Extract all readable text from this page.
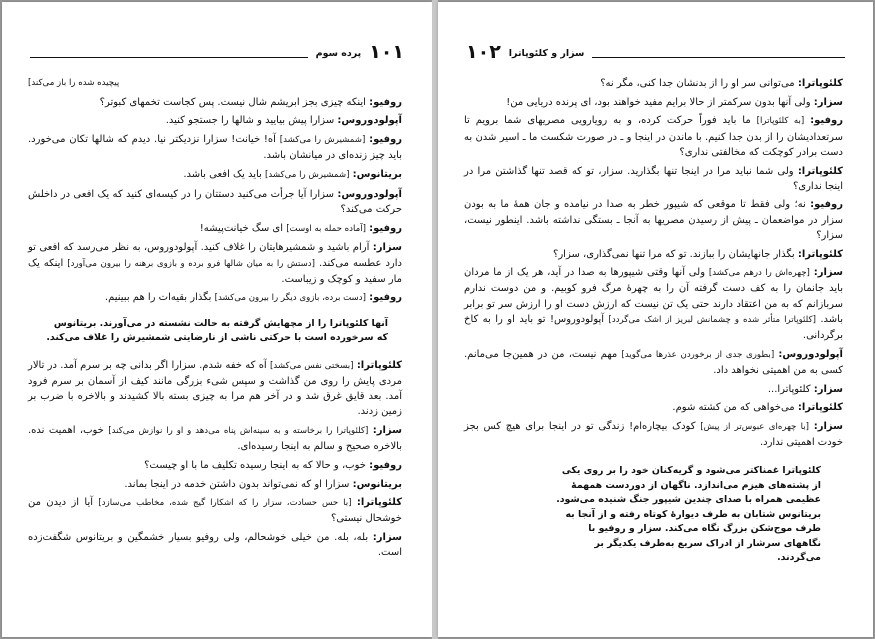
۱۰۱
پرده سوم

پیچیده شده را باز می‌کند]

روفیو: اینکه چیزی بجز ابریشم شال نیست. پس کجاست تخمهای کبوتر؟

آپولودوروس: سزارا پیش بیایید و شالها را جستجو کنید.

روفیو: [شمشیرش را می‌کشد] آه! خیانت! سزارا نزدیکتر نیا. دیدم که شالها تکان می‌خورد. باید چیز زنده‌ای در میانشان باشد.

بریتانوس: [شمشیرش را می‌کشد] باید یک افعی باشد.

آپولودوروس: سزارا آیا جرأت می‌کنید دستتان را در کیسه‌ای کنید که یک افعی در داخلش حرکت می‌کند؟

روفیو: [آماده حمله به اوست] ای سگ خیانت‌پیشه!

سزار: آرام باشید و شمشیرهایتان را غلاف کنید. آپولودوروس، به نظر می‌رسد که افعی تو دارد عطسه می‌کند. [دستش را به میان شالها فرو برده و بازوی برهنه را بیرون می‌آورد] اینکه یک مار سفید و کوچک و زیباست.

روفیو: [دست برده، بازوی دیگر را بیرون می‌کشد] بگذار بقیه‌ات را هم ببینیم.

آنها کلئوپاترا را از مچهایش گرفته به حالت نشسته در می‌آورند. بریتانوس که سرخورده است با حرکتی ناشی از نارضایتی شمشیرش را غلاف می‌کند.

کلئوپاترا: [بسختی نفس می‌کشد] آه که خفه شدم. سزارا اگر بدانی چه بر سرم آمد. در تالار مردی پایش را روی من گذاشت و سپس شیء بزرگی مانند کیف از آسمان بر سرم فرود آمد. بعد قایق غرق شد و در آخر هم مرا به چیزی بسته بالا کشیدند و بالاخره با ضرب بر زمین زدند.

سزار: [کلئوپاترا را برخاسته و به سینه‌اش پناه می‌دهد و او را نوازش می‌کند] خوب، اهمیت نده. بالاخره صحیح و سالم به اینجا رسیده‌ای.

روفیو: خوب، و حالا که به اینجا رسیده تکلیف ما با او چیست؟

بریتانوس: سزارا او که نمی‌تواند بدون داشتن خدمه در اینجا بماند.

کلئوپاترا: [با حس حسادت، سزار را که اشکارا گیج شده، مخاطب می‌سازد] آیا از دیدن من خوشحال نیستی؟

سزار: بله، بله. من خیلی خوشحالم، ولی روفیو بسیار خشمگین و بریتانوس شگفت‌زده است.

۱۰۲ سزار و کلئوپاترا

کلئوپاترا: می‌توانی سر او را از بدنشان جدا کنی، مگر نه؟

سزار: ولی آنها بدون سرکمتر از حالا برایم مفید خواهند بود، ای پرنده دریایی من!

روفیو: [به کلئوپاترا] ما باید فوراً حرکت کرده، و به رویارویی مصریهای شما برویم تا سرتعدادیشان را از بدن جدا کنیم. با ماندن در اینجا و ـ در صورت شکست ما ـ اسیر شدن به دست برادر کوچکت که مخالفتی نداری؟

کلئوپاترا: ولی شما نباید مرا در اینجا تنها بگذارید. سزار، تو که قصد تنها گذاشتن مرا در اینجا نداری؟

روفیو: نه؛ ولی فقط تا موقعی که شیپور خطر به صدا در نیامده و جان همهٔ ما به بودن سزار در مواضعمان ـ پیش از رسیدن مصریها به آنجا ـ بستگی نداشته باشد. اینطور نیست، سزار؟

کلئوپاترا: بگذار جانهایشان را ببازند. تو که مرا تنها نمی‌گذاری، سزار؟

سزار: [چهره‌اش را درهم می‌کشد] ولی آنها وقتی شیپورها به صدا در آید، هر یک از ما مردان باید جانمان را به کف دست گرفته آن را به چهرهٔ مرگ فرو کوبیم. و من دوست ندارم سربازانم که به من اعتقاد دارند حتی یک تن نیست که ارزش دست او را ارزش سر تو برابر باشد. [کلئوپاترا متأثر شده و چشمانش لبریز از اشک می‌گردد] آپولودوروس! تو باید او را به کاخ برگردانی.

آپولودوروس: [بطوری جدی از برخوردن عذرها می‌گوید] مهم نیست، من در همین‌جا می‌مانم. کسی به من اهمیتی نخواهد داد.

سزار: کلئوپاترا...

کلئوپاترا: می‌خواهی که من کشته شوم.

سزار: [با چهره‌ای عبوس‌تر از پیش] کودک بیچاره‌ام! زندگی تو در اینجا برای هیچ کس بجز خودت اهمیتی ندارد.

کلئوپاترا غمناکتر می‌شود و گریه‌کنان خود را بر روی یکی از پشته‌های هیزم می‌اندازد. ناگهان از دوردست همهمهٔ عظیمی همراه با صدای چندین شیپور جنگ شنیده می‌شود. بریتانوس شتابان به طرف دیوارهٔ کوتاه رفته و از آنجا به طرف موج‌شکن بزرگ نگاه می‌کند. سزار و روفیو با نگاههای سرشار از ادراک سریع به‌طرف یکدیگر بر می‌گردند.
